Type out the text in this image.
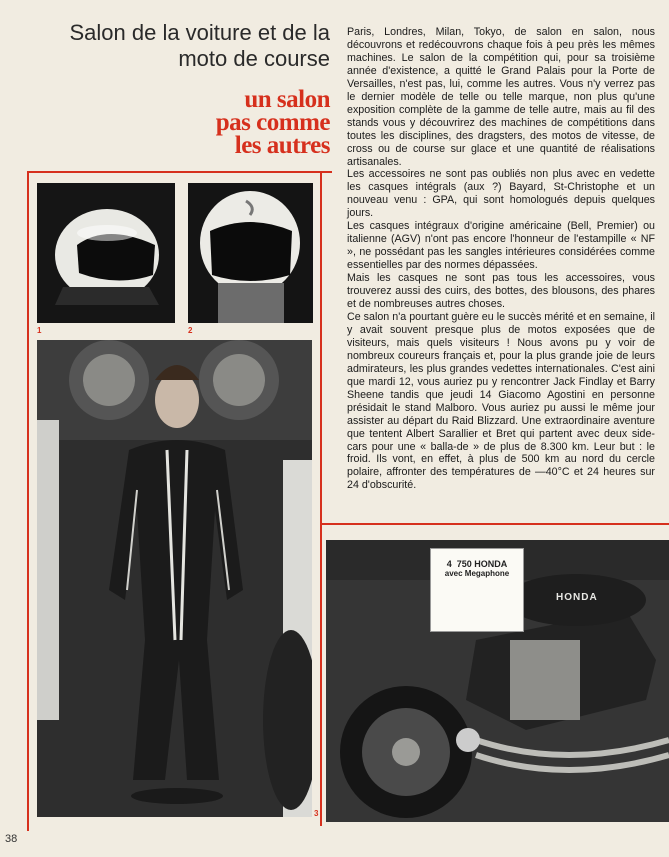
Salon de la voiture et de la
moto de course
un salon
pas comme
les autres

Paris, Londres, Milan, Tokyo, de salon en salon, nous découvrons et redécouvrons chaque fois à peu près les mêmes machines. Le salon de la compétition qui, pour sa troisième année d'existence, a quitté le Grand Palais pour la Porte de Versailles, n'est pas, lui, comme les autres. Vous n'y verrez pas le dernier modèle de telle ou telle marque, non plus qu'une exposition complète de la gamme de telle autre, mais au fil des stands vous y découvrirez des machines de compétitions dans toutes les disciplines, des dragsters, des motos de vitesse, de cross ou de course sur glace et une quantité de réalisations artisanales.

Les accessoires ne sont pas oubliés non plus avec en vedette les casques intégrals (aux ?) Bayard, St-Christophe et un nouveau venu : GPA, qui sont homologués depuis quelques jours.

Les casques intégraux d'origine américaine (Bell, Premier) ou italienne (AGV) n'ont pas encore l'honneur de l'estampille « NF », ne possédant pas les sangles intérieures considérées comme essentielles par des normes dépassées.

Mais les casques ne sont pas tous les accessoires, vous trouverez aussi des cuirs, des bottes, des blousons, des phares et de nombreuses autres choses.

Ce salon n'a pourtant guère eu le succès mérité et en semaine, il y avait souvent presque plus de motos exposées que de visiteurs, mais quels visiteurs ! Nous avons pu y voir de nombreux coureurs français et, pour la plus grande joie de leurs admirateurs, les plus grandes vedettes internationales. C'est aini que mardi 12, vous auriez pu y rencontrer Jack Findlay et Barry Sheene tandis que jeudi 14 Giacomo Agostini en personne présidait le stand Malboro. Vous auriez pu aussi le même jour assister au départ du Raid Blizzard. Une extraordinaire aventure que tentent Albert Sarallier et Bret qui partent avec deux side-cars pour une « balla-de » de plus de 8.300 km. Leur but : le froid. Ils vont, en effet, à plus de 500 km au nord du cercle polaire, affronter des températures de —40°C et 24 heures sur 24 d'obscurité.

1	2
3
4  750 HONDA
avec Megaphone
HONDA
38
